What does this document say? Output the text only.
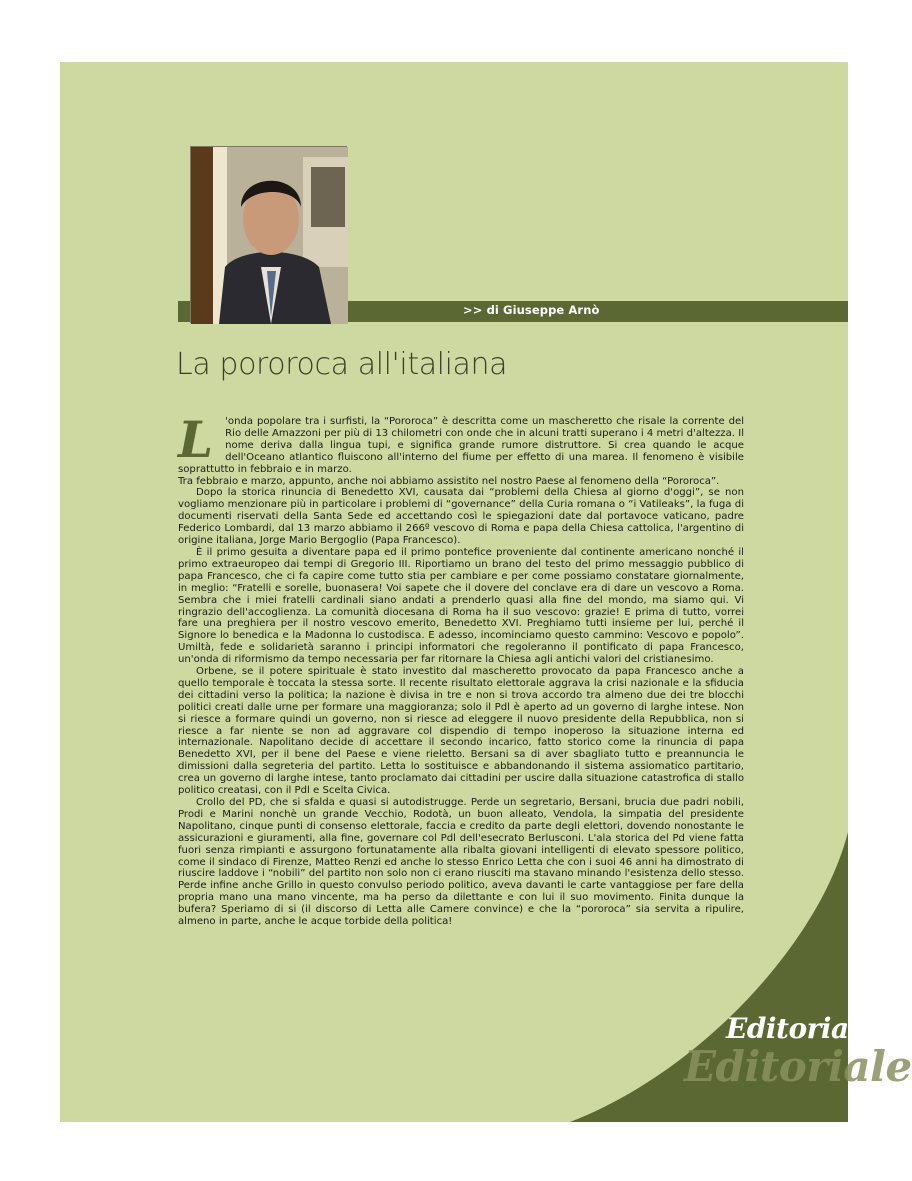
>> di Giuseppe Arnò
La pororoca all'italiana

L 'onda popolare tra i surfisti, la “Pororoca” è descritta come un mascheretto che risale la corrente del Rio delle Amazzoni per più di 13 chilometri con onde che in alcuni tratti superano i 4 metri d'altezza. Il nome deriva dalla lingua tupi, e significa grande rumore distruttore. Si crea quando le acque dell'Oceano atlantico fluiscono all'interno del fiume per effetto di una marea. Il fenomeno è visibile soprattutto in febbraio e in marzo.

Tra febbraio e marzo, appunto, anche noi abbiamo assistito nel nostro Paese al fenomeno della “Pororoca”.

Dopo la storica rinuncia di Benedetto XVI, causata dai “problemi della Chiesa al giorno d'oggi”, se non vogliamo menzionare più in particolare i problemi di “governance” della Curia romana o “i Vatileaks”, la fuga di documenti riservati della Santa Sede ed accettando così le spiegazioni date dal portavoce vaticano, padre Federico Lombardi, dal 13 marzo abbiamo il 266º vescovo di Roma e papa della Chiesa cattolica, l'argentino di origine italiana, Jorge Mario Bergoglio (Papa Francesco).

È il primo gesuita a diventare papa ed il primo pontefice proveniente dal continente americano nonché il primo extraeuropeo dai tempi di Gregorio III. Riportiamo un brano del testo del primo messaggio pubblico di papa Francesco, che ci fa capire come tutto stia per cambiare e per come possiamo constatare giornalmente, in meglio: “Fratelli e sorelle, buonasera! Voi sapete che il dovere del conclave era di dare un vescovo a Roma. Sembra che i miei fratelli cardinali siano andati a prenderlo quasi alla fine del mondo, ma siamo qui. Vi ringrazio dell'accoglienza. La comunità diocesana di Roma ha il suo vescovo: grazie! E prima di tutto, vorrei fare una preghiera per il nostro vescovo emerito, Benedetto XVI. Preghiamo tutti insieme per lui, perché il Signore lo benedica e la Madonna lo custodisca. E adesso, incominciamo questo cammino: Vescovo e popolo”. Umiltà, fede e solidarietà saranno i principi informatori che regoleranno il pontificato di papa Francesco, un'onda di riformismo da tempo necessaria per far ritornare la Chiesa agli antichi valori del cristianesimo.

Orbene, se il potere spirituale è stato investito dal mascheretto provocato da papa Francesco anche a quello temporale è toccata la stessa sorte. Il recente risultato elettorale aggrava la crisi nazionale e la sfiducia dei cittadini verso la politica; la nazione è divisa in tre e non si trova accordo tra almeno due dei tre blocchi politici creati dalle urne per formare una maggioranza; solo il Pdl è aperto ad un governo di larghe intese. Non si riesce a formare quindi un governo, non si riesce ad eleggere il nuovo presidente della Repubblica, non si riesce a far niente se non ad aggravare col dispendio di tempo inoperoso la situazione interna ed internazionale. Napolitano decide di accettare il secondo incarico, fatto storico come la rinuncia di papa Benedetto XVI, per il bene del Paese e viene rieletto. Bersani sa di aver sbagliato tutto e preannuncia le dimissioni dalla segreteria del partito. Letta lo sostituisce e abbandonando il sistema assiomatico partitario, crea un governo di larghe intese, tanto proclamato dai cittadini per uscire dalla situazione catastrofica di stallo politico creatasi, con il Pdl e Scelta Civica.

Crollo del PD, che si sfalda e quasi si autodistrugge. Perde un segretario, Bersani, brucia due padri nobili, Prodi e Marini nonchè un grande Vecchio, Rodotà, un buon alleato, Vendola, la simpatia del presidente Napolitano, cinque punti di consenso elettorale, faccia e credito da parte degli elettori, dovendo nonostante le assicurazioni e giuramenti, alla fine, governare col Pdl dell'esecrato Berlusconi. L'ala storica del Pd viene fatta fuori senza rimpianti e assurgono fortunatamente alla ribalta giovani intelligenti di elevato spessore politico, come il sindaco di Firenze, Matteo Renzi ed anche lo stesso Enrico Letta che con i suoi 46 anni ha dimostrato di riuscire laddove i “nobili” del partito non solo non ci erano riusciti ma stavano minando l'esistenza dello stesso. Perde infine anche Grillo in questo convulso periodo politico, aveva davanti le carte vantaggiose per fare della propria mano una mano vincente, ma ha perso da dilettante e con lui il suo movimento. Finita dunque la bufera? Speriamo di si (il discorso di Letta alle Camere convince) e che la “pororoca” sia servita a ripulire, almeno in parte, anche le acque torbide della politica!

Editoriale
Editoriale
